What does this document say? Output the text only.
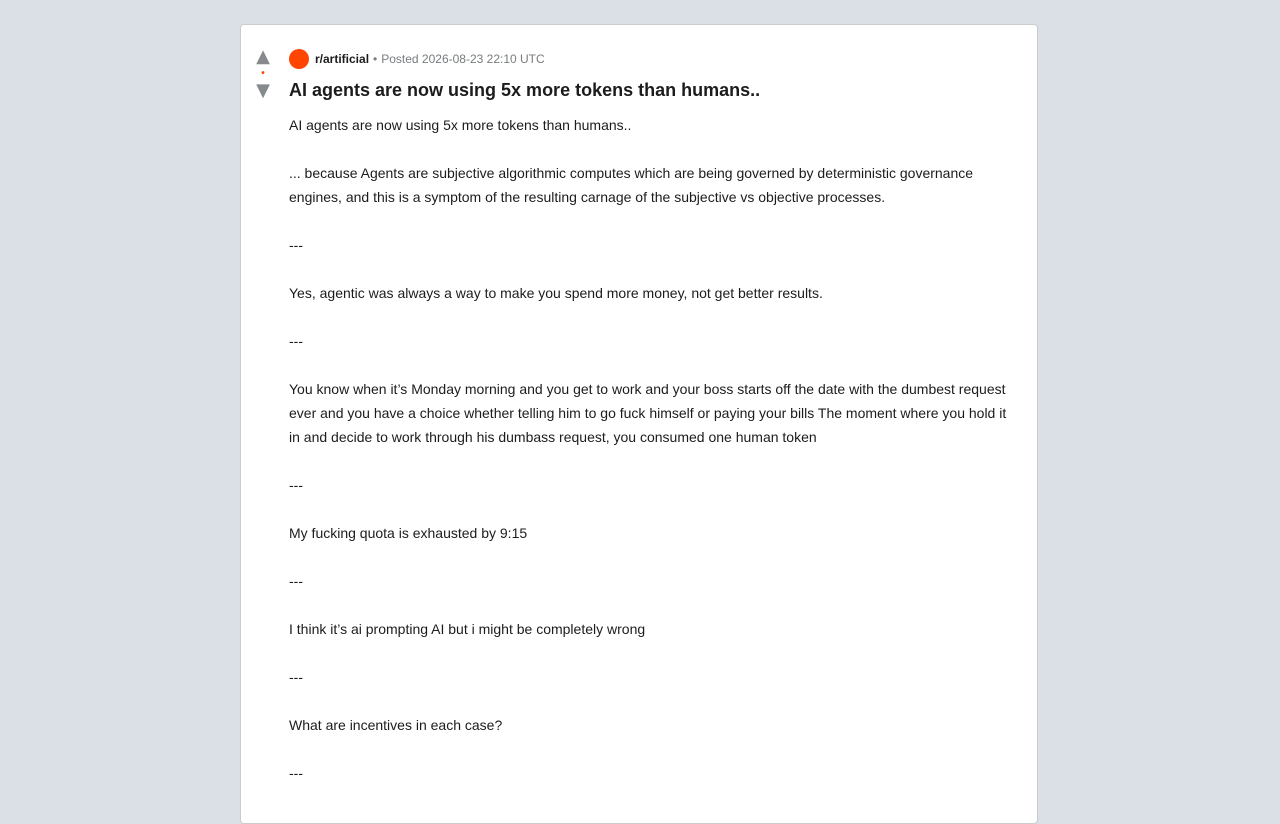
▲
•
▼
r/artificial • Posted 2026-08-23 22:10 UTC
AI agents are now using 5x more tokens than humans..

AI agents are now using 5x more tokens than humans..

... because Agents are subjective algorithmic computes which are being governed by deterministic governance engines, and this is a symptom of the resulting carnage of the subjective vs objective processes.

---

Yes, agentic was always a way to make you spend more money, not get better results.

---

You know when it’s Monday morning and you get to work and your boss starts off the date with the dumbest request ever and you have a choice whether telling him to go fuck himself or paying your bills The moment where you hold it in and decide to work through his dumbass request, you consumed one human token

---

My fucking quota is exhausted by 9:15

---

I think it’s ai prompting AI but i might be completely wrong

---

What are incentives in each case?

---
